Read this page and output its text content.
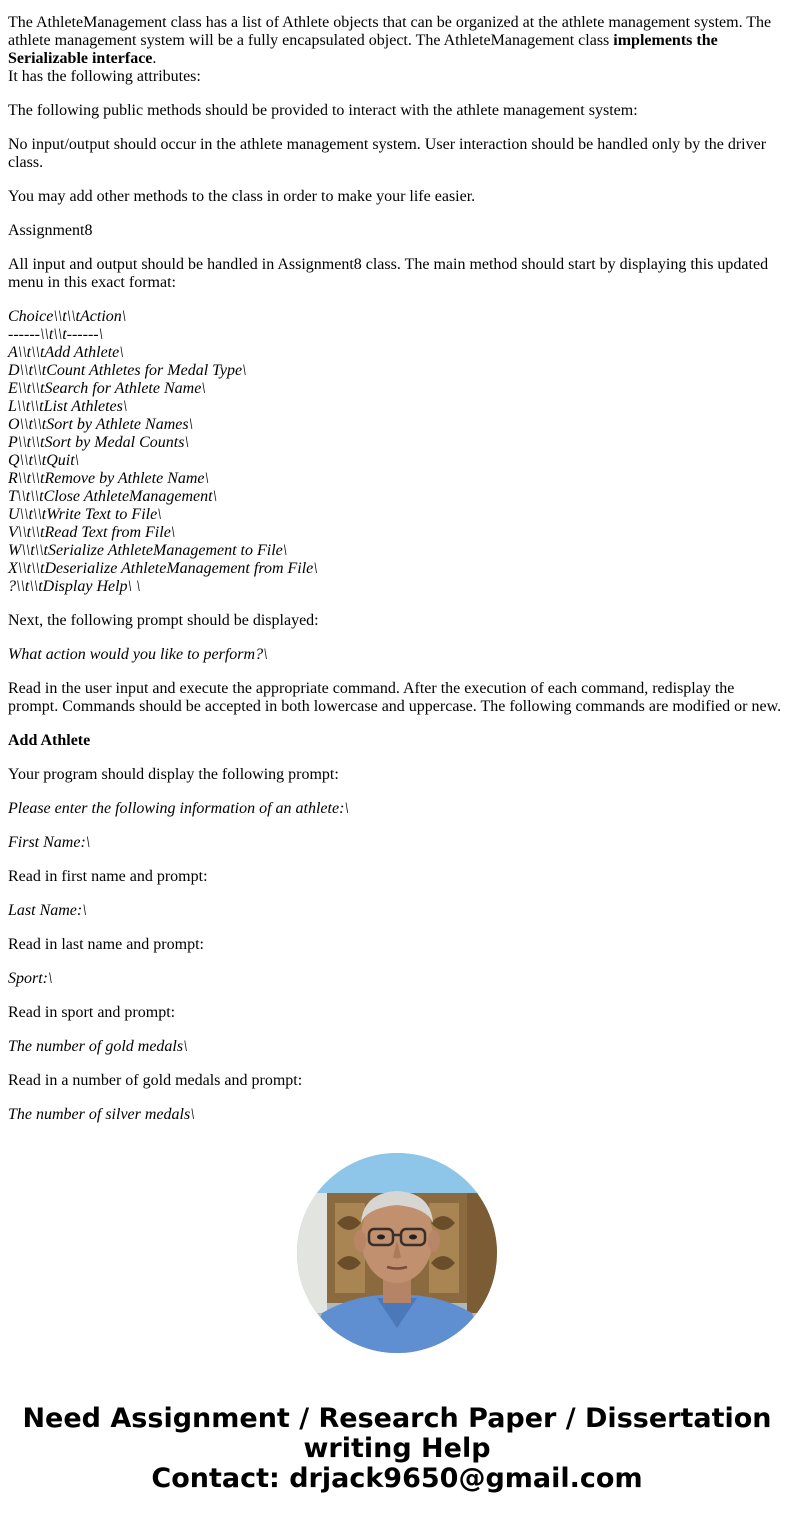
The AthleteManagement class has a list of Athlete objects that can be organized at the athlete management system. The athlete management system will be a fully encapsulated object. The AthleteManagement class implements the Serializable interface.
It has the following attributes:

The following public methods should be provided to interact with the athlete management system:

No input/output should occur in the athlete management system. User interaction should be handled only by the driver class.

You may add other methods to the class in order to make your life easier.

Assignment8

All input and output should be handled in Assignment8 class. The main method should start by displaying this updated menu in this exact format:

Choice\\t\\tAction\
------\\t\\t------\
A\\t\\tAdd Athlete\
D\\t\\tCount Athletes for Medal Type\
E\\t\\tSearch for Athlete Name\
L\\t\\tList Athletes\
O\\t\\tSort by Athlete Names\
P\\t\\tSort by Medal Counts\
Q\\t\\tQuit\
R\\t\\tRemove by Athlete Name\
T\\t\\tClose AthleteManagement\
U\\t\\tWrite Text to File\
V\\t\\tRead Text from File\
W\\t\\tSerialize AthleteManagement to File\
X\\t\\tDeserialize AthleteManagement from File\
?\\t\\tDisplay Help\ \

Next, the following prompt should be displayed:

What action would you like to perform?\

Read in the user input and execute the appropriate command. After the execution of each command, redisplay the prompt. Commands should be accepted in both lowercase and uppercase. The following commands are modified or new.

Add Athlete

Your program should display the following prompt:

Please enter the following information of an athlete:\

First Name:\

Read in first name and prompt:

Last Name:\

Read in last name and prompt:

Sport:\

Read in sport and prompt:

The number of gold medals\

Read in a number of gold medals and prompt:

The number of silver medals\

Need Assignment / Research Paper / Dissertation
writing Help
Contact: drjack9650@gmail.com
